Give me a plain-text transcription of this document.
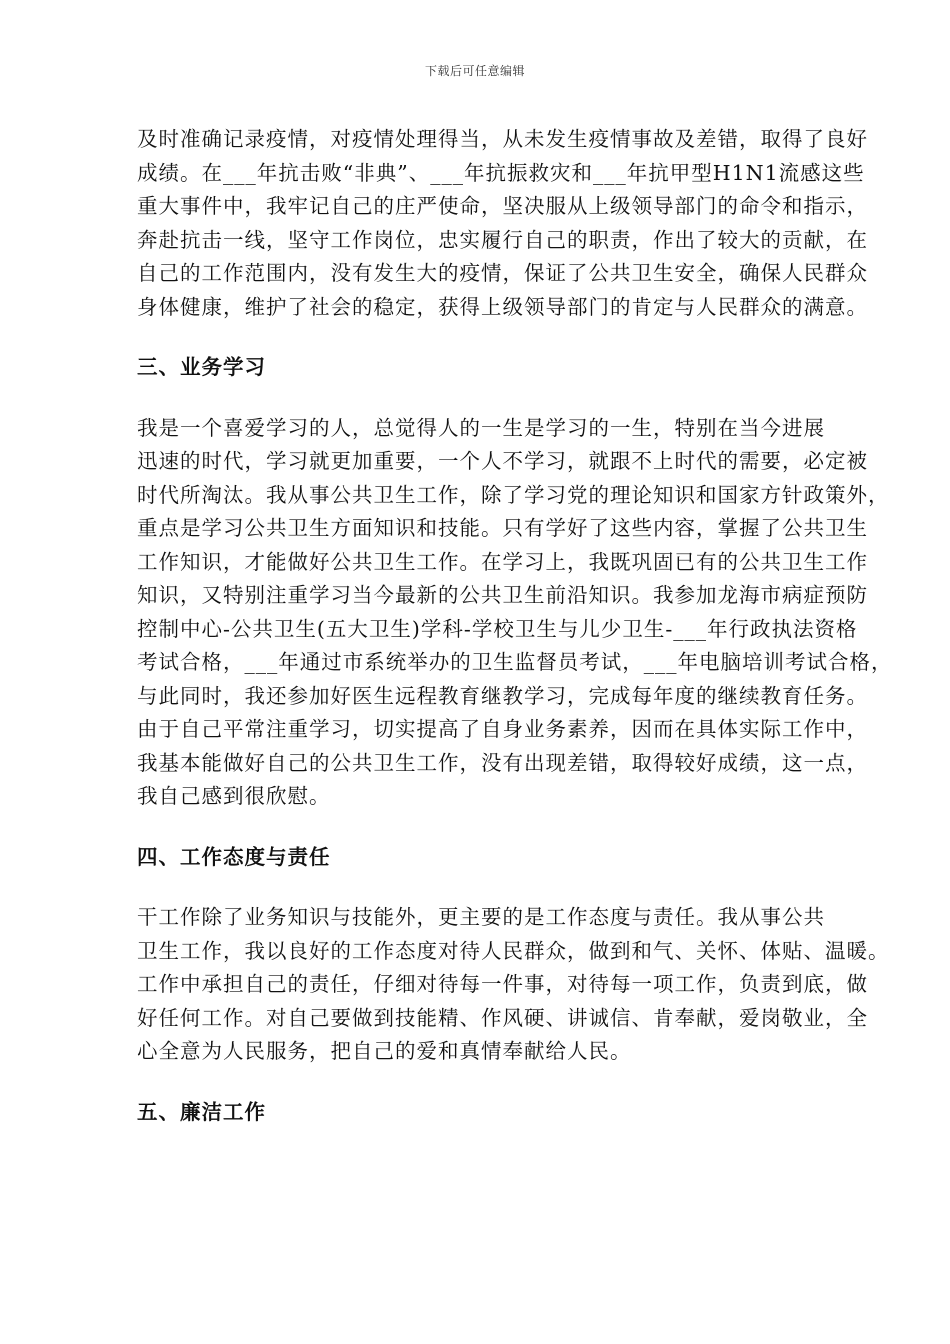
下载后可任意编辑
及时准确记录疫情，对疫情处理得当，从未发生疫情事故及差错，取得了良好
成绩。在___年抗击败“非典”、___年抗振救灾和___年抗甲型H1N1流感这些
重大事件中，我牢记自己的庄严使命，坚决服从上级领导部门的命令和指示，
奔赴抗击一线，坚守工作岗位，忠实履行自己的职责，作出了较大的贡献，在
自己的工作范围内，没有发生大的疫情，保证了公共卫生安全，确保人民群众
身体健康，维护了社会的稳定，获得上级领导部门的肯定与人民群众的满意。
三、业务学习
我是一个喜爱学习的人，总觉得人的一生是学习的一生，特别在当今进展
迅速的时代，学习就更加重要，一个人不学习，就跟不上时代的需要，必定被
时代所淘汰。我从事公共卫生工作，除了学习党的理论知识和国家方针政策外，
重点是学习公共卫生方面知识和技能。只有学好了这些内容，掌握了公共卫生
工作知识，才能做好公共卫生工作。在学习上，我既巩固已有的公共卫生工作
知识，又特别注重学习当今最新的公共卫生前沿知识。我参加龙海市病症预防
控制中心-公共卫生(五大卫生)学科-学校卫生与儿少卫生-___年行政执法资格
考试合格，___年通过市系统举办的卫生监督员考试，___年电脑培训考试合格，
与此同时，我还参加好医生远程教育继教学习，完成每年度的继续教育任务。
由于自己平常注重学习，切实提高了自身业务素养，因而在具体实际工作中，
我基本能做好自己的公共卫生工作，没有出现差错，取得较好成绩，这一点，
我自己感到很欣慰。
四、工作态度与责任
干工作除了业务知识与技能外，更主要的是工作态度与责任。我从事公共
卫生工作，我以良好的工作态度对待人民群众，做到和气、关怀、体贴、温暖。
工作中承担自己的责任，仔细对待每一件事，对待每一项工作，负责到底，做
好任何工作。对自己要做到技能精、作风硬、讲诚信、肯奉献，爱岗敬业，全
心全意为人民服务，把自己的爱和真情奉献给人民。
五、廉洁工作
